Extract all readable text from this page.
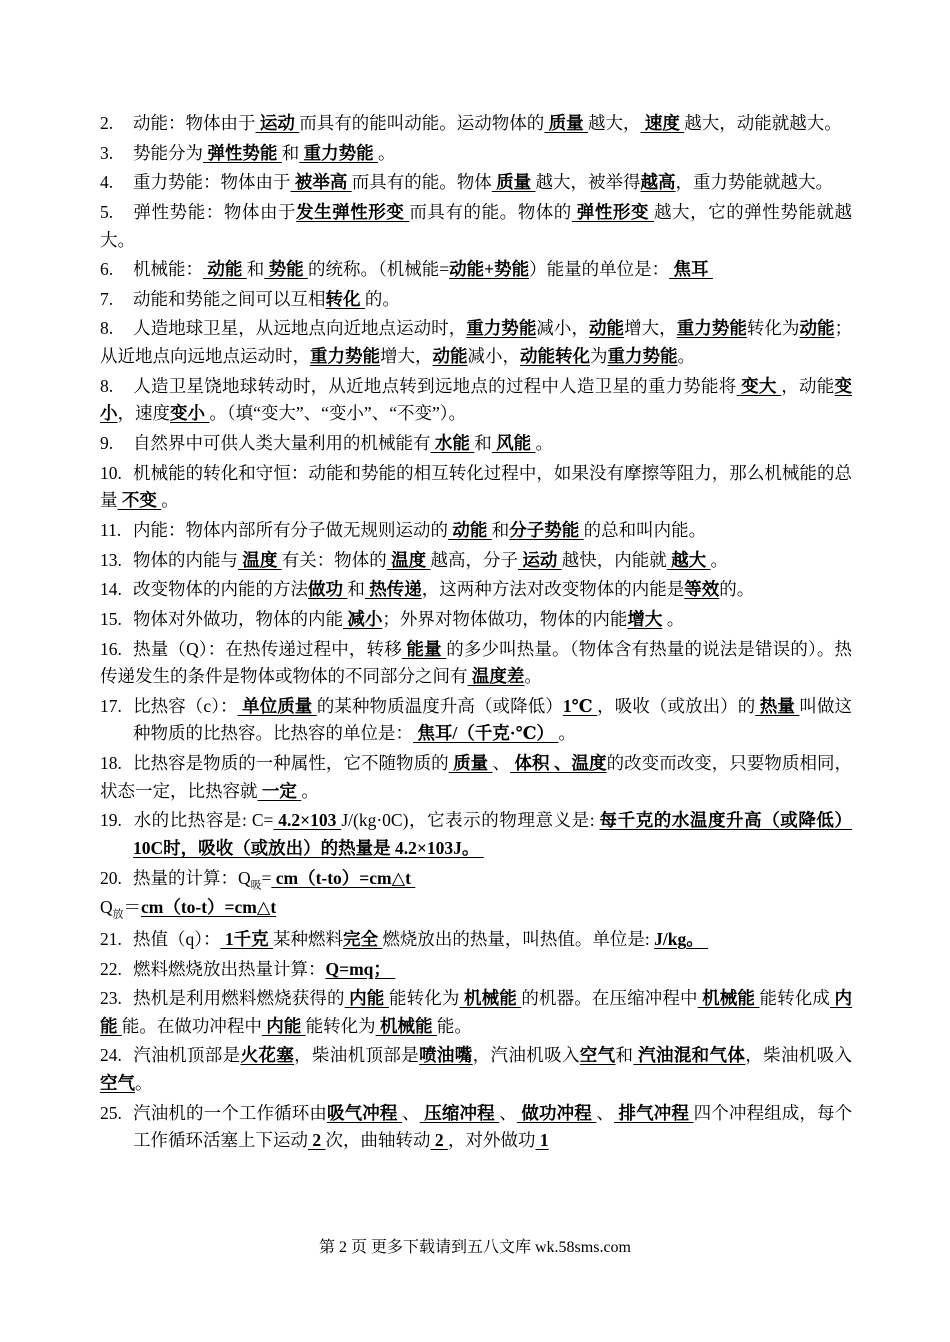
2. 动能：物体由于 运动 而具有的能叫动能。运动物体的 质量 越大， 速度 越大，动能就越大。

3. 势能分为 弹性势能 和 重力势能 。

4. 重力势能：物体由于 被举高 而具有的能。物体 质量 越大，被举得越高，重力势能就越大。

5. 弹性势能：物体由于发生弹性形变 而具有的能。物体的 弹性形变 越大，它的弹性势能就越大。

6. 机械能： 动能 和 势能 的统称。（机械能=动能+势能）能量的单位是： 焦耳

7. 动能和势能之间可以互相转化 的。

8. 人造地球卫星，从远地点向近地点运动时，重力势能减小，动能增大，重力势能转化为动能；从近地点向远地点运动时，重力势能增大，动能减小，动能转化为重力势能。

8. 人造卫星饶地球转动时，从近地点转到远地点的过程中人造卫星的重力势能将 变大 ，动能变小，速度变小 。（填“变大”、“变小”、“不变”）。

9. 自然界中可供人类大量利用的机械能有 水能 和 风能 。

10. 机械能的转化和守恒：动能和势能的相互转化过程中，如果没有摩擦等阻力，那么机械能的总量 不变 。

11. 内能：物体内部所有分子做无规则运动的 动能 和分子势能 的总和叫内能。

13. 物体的内能与 温度 有关：物体的 温度 越高，分子 运动 越快，内能就 越大 。

14. 改变物体的内能的方法做功 和 热传递，这两种方法对改变物体的内能是等效的。

15. 物体对外做功，物体的内能 减小；外界对物体做功，物体的内能增大 。

16. 热量（Q）：在热传递过程中，转移 能量 的多少叫热量。（物体含有热量的说法是错误的）。热传递发生的条件是物体或物体的不同部分之间有 温度差。

17. 比热容（c）： 单位质量 的某种物质温度升高（或降低）1℃ ，吸收（或放出）的 热量 叫做这种物质的比热容。比热容的单位是： 焦耳/（千克·℃） 。

18. 比热容是物质的一种属性，它不随物质的 质量 、 体积 、温度的改变而改变，只要物质相同，状态一定，比热容就 一定 。

19. 水的比热容是: C= 4.2×103 J/(kg·0C)，它表示的物理意义是: 每千克的水温度升高（或降低）10C时，吸收（或放出）的热量是 4.2×103J。

20. 热量的计算：$Q_吸=$ cm（t-to）=cm△t
$Q_放=cm(to-t)=cm\triangle t$

21. 热值（q）： 1千克 某种燃料完全 燃烧放出的热量，叫热值。单位是: J/kg。

22. 燃料燃烧放出热量计算：Q=mq；

23. 热机是利用燃料燃烧获得的 内能 能转化为 机械能 的机器。在压缩冲程中 机械能 能转化成 内能 能。在做功冲程中 内能 能转化为 机械能 能。

24. 汽油机顶部是火花塞，柴油机顶部是喷油嘴，汽油机吸入空气和 汽油混和气体，柴油机吸入空气。

25. 汽油机的一个工作循环由吸气冲程 、 压缩冲程 、 做功冲程 、 排气冲程 四个冲程组成，每个工作循环活塞上下运动 2 次，曲轴转动 2 ，对外做功 1

第 2 页 更多下载请到五八文库 wk.58sms.com
